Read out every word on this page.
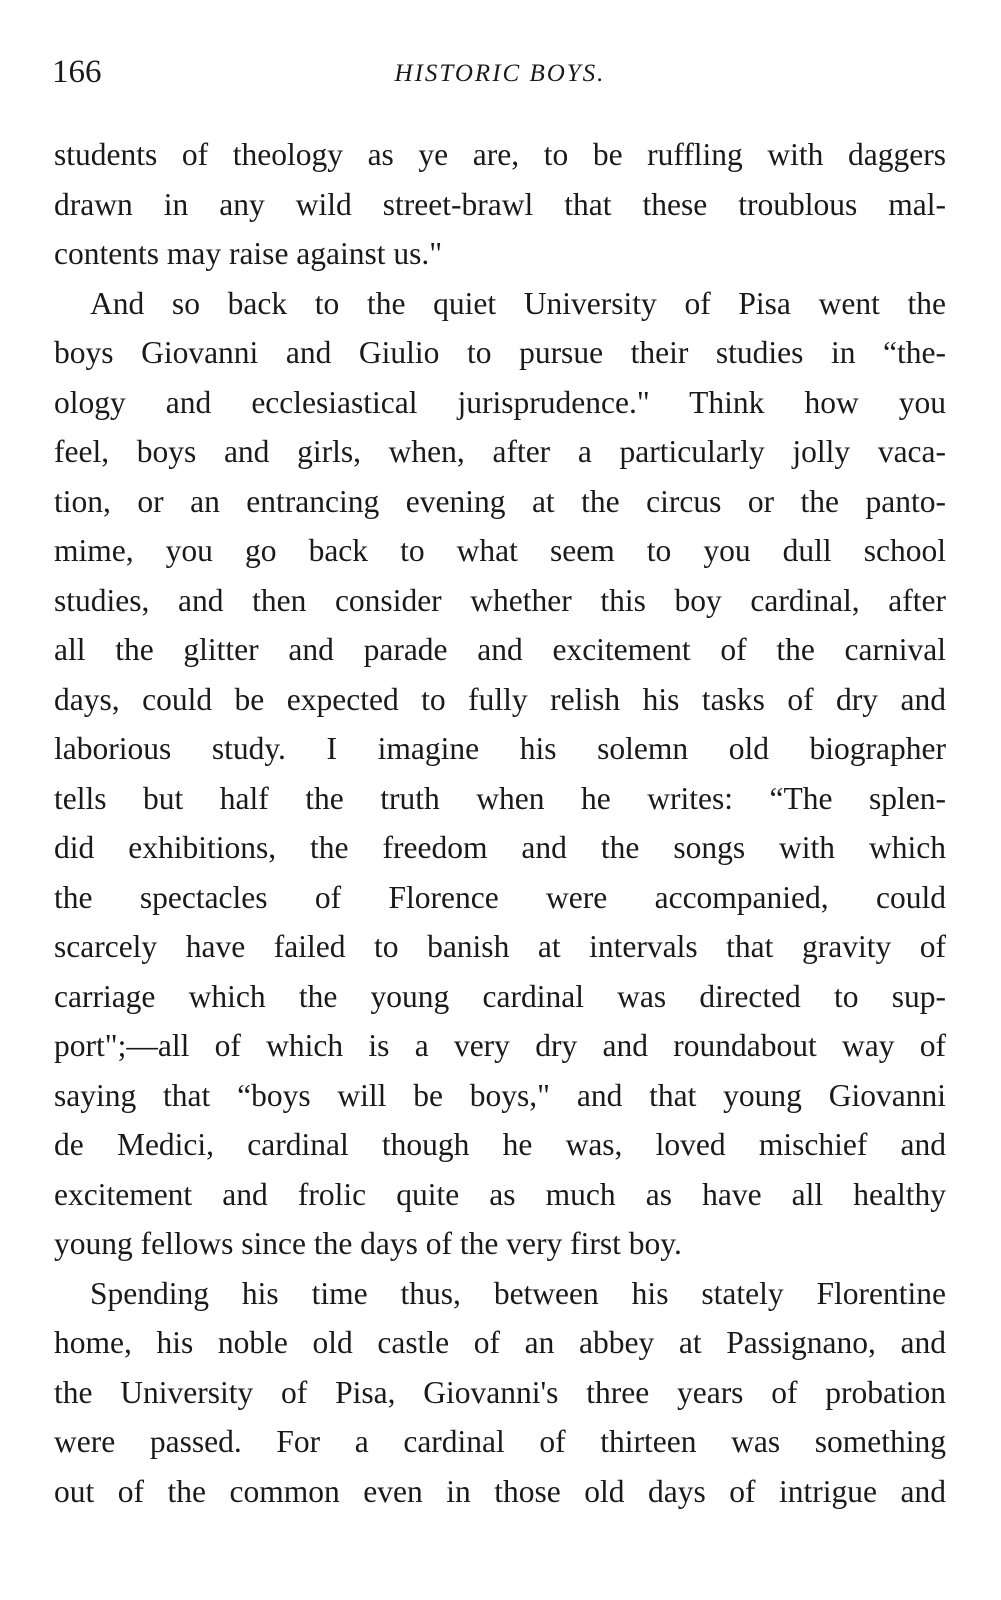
166	HISTORIC BOYS.
students of theology as ye are, to be ruffling with daggers
drawn in any wild street-brawl that these troublous mal-
contents may raise against us."
And so back to the quiet University of Pisa went the
boys Giovanni and Giulio to pursue their studies in “the-
ology and ecclesiastical jurisprudence." Think how you
feel, boys and girls, when, after a particularly jolly vaca-
tion, or an entrancing evening at the circus or the panto-
mime, you go back to what seem to you dull school
studies, and then consider whether this boy cardinal, after
all the glitter and parade and excitement of the carnival
days, could be expected to fully relish his tasks of dry and
laborious study. I imagine his solemn old biographer
tells but half the truth when he writes: “The splen-
did exhibitions, the freedom and the songs with which
the spectacles of Florence were accompanied, could
scarcely have failed to banish at intervals that gravity of
carriage which the young cardinal was directed to sup-
port";—all of which is a very dry and roundabout way of
saying that “boys will be boys," and that young Giovanni
de Medici, cardinal though he was, loved mischief and
excitement and frolic quite as much as have all healthy
young fellows since the days of the very first boy.
Spending his time thus, between his stately Florentine
home, his noble old castle of an abbey at Passignano, and
the University of Pisa, Giovanni's three years of probation
were passed. For a cardinal of thirteen was something
out of the common even in those old days of intrigue and
